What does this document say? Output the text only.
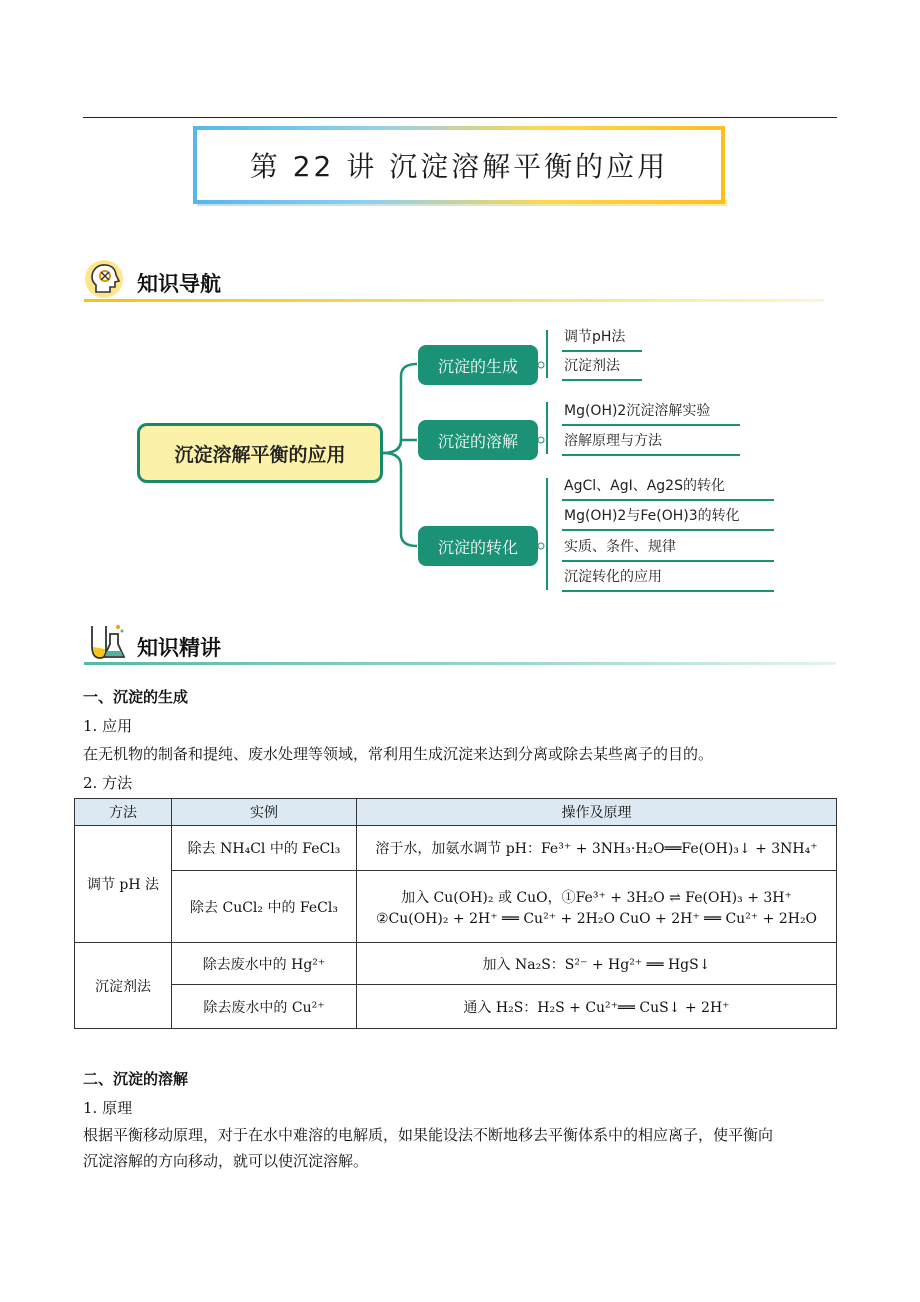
第 22 讲 沉淀溶解平衡的应用
知识导航
沉淀溶解平衡的应用
沉淀的生成
沉淀的溶解
沉淀的转化
调节pH法
沉淀剂法
Mg(OH)2沉淀溶解实验
溶解原理与方法
AgCl、AgI、Ag2S的转化
Mg(OH)2与Fe(OH)3的转化
实质、条件、规律
沉淀转化的应用
知识精讲
一、沉淀的生成
1. 应用
在无机物的制备和提纯、废水处理等领域，常利用生成沉淀来达到分离或除去某些离子的目的。
2. 方法
方法	实例	操作及原理
调节 pH 法	除去 NH₄Cl 中的 FeCl₃	溶于水，加氨水调节 pH：Fe³⁺ + 3NH₃·H₂O══Fe(OH)₃↓ + 3NH₄⁺
	除去 CuCl₂ 中的 FeCl₃	加入 Cu(OH)₂ 或 CuO，①Fe³⁺ + 3H₂O ⇌ Fe(OH)₃ + 3H⁺
②Cu(OH)₂ + 2H⁺ ══ Cu²⁺ + 2H₂O CuO + 2H⁺ ══ Cu²⁺ + 2H₂O

沉淀剂法	除去废水中的 Hg²⁺	加入 Na₂S：S²⁻ + Hg²⁺ ══ HgS↓
	除去废水中的 Cu²⁺	通入 H₂S：H₂S + Cu²⁺══ CuS↓ + 2H⁺
二、沉淀的溶解
1. 原理
根据平衡移动原理，对于在水中难溶的电解质，如果能设法不断地移去平衡体系中的相应离子，使平衡向
沉淀溶解的方向移动，就可以使沉淀溶解。
